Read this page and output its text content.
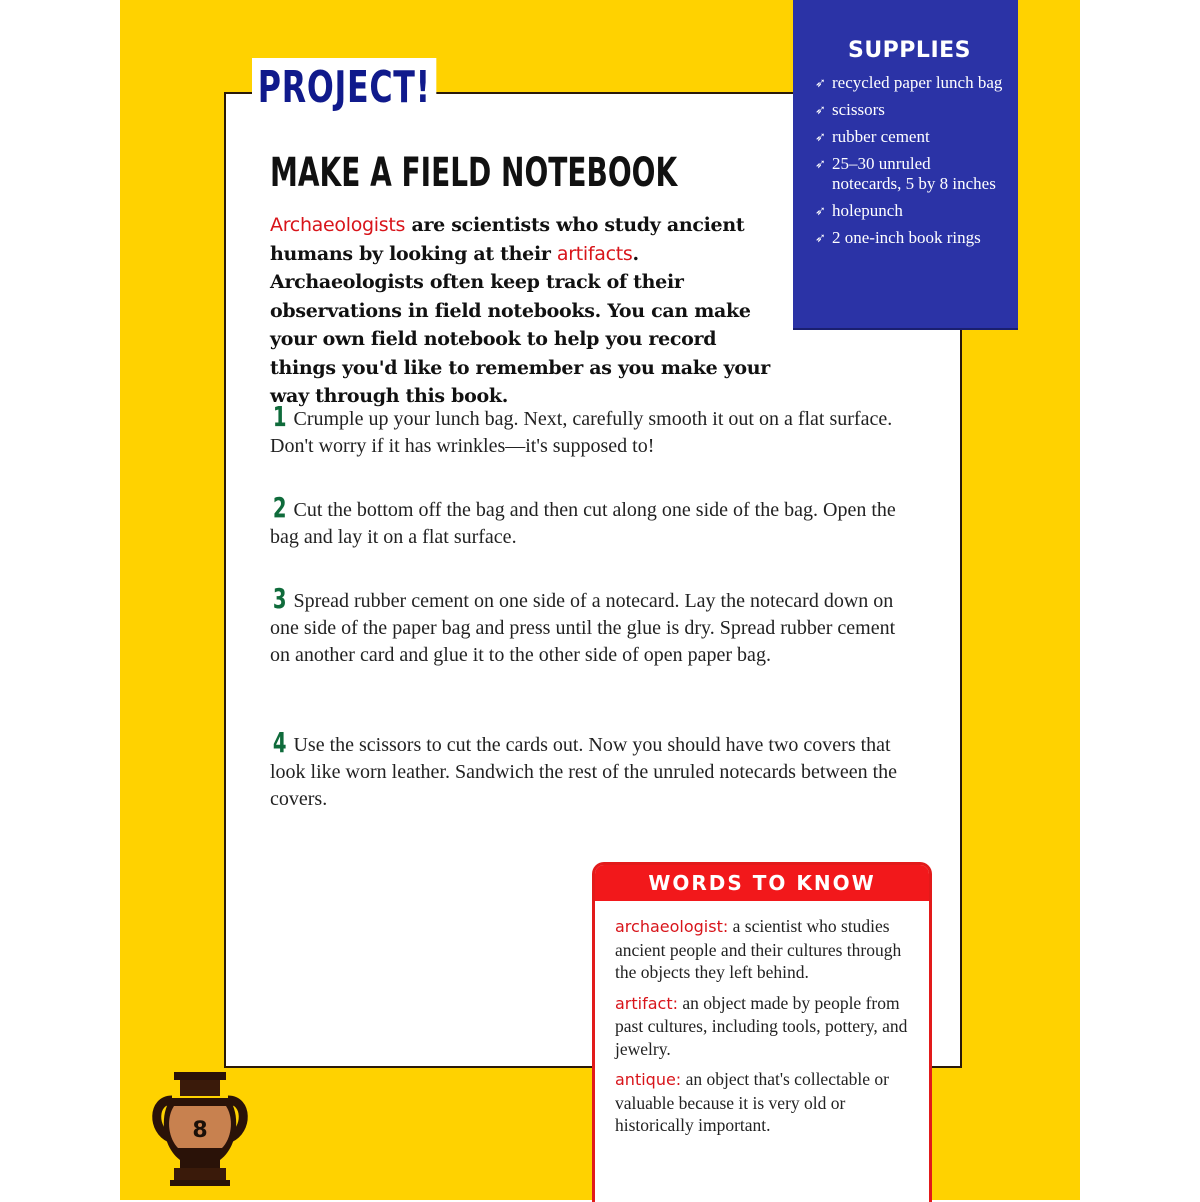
PROJECT!
MAKE A FIELD NOTEBOOK

Archaeologists are scientists who study ancient humans by looking at their artifacts. Archaeologists often keep track of their observations in field notebooks. You can make your own field notebook to help you record things you'd like to remember as you make your way through this book.

1 Crumple up your lunch bag. Next, carefully smooth it out on a flat surface. Don't worry if it has wrinkles—it's supposed to!
2 Cut the bottom off the bag and then cut along one side of the bag. Open the bag and lay it on a flat surface.
3 Spread rubber cement on one side of a notecard. Lay the notecard down on one side of the paper bag and press until the glue is dry. Spread rubber cement on another card and glue it to the other side of open paper bag.
4 Use the scissors to cut the cards out. Now you should have two covers that look like worn leather. Sandwich the rest of the unruled notecards between the covers.
SUPPLIES
➶ recycled paper lunch bag
➶ scissors
➶ rubber cement
➶ 25–30 unruled notecards, 5 by 8 inches
➶ holepunch
➶ 2 one-inch book rings
WORDS TO KNOW
archaeologist: a scientist who studies ancient people and their cultures through the objects they left behind.
artifact: an object made by people from past cultures, including tools, pottery, and jewelry.
antique: an object that's collectable or valuable because it is very old or historically important.
8
